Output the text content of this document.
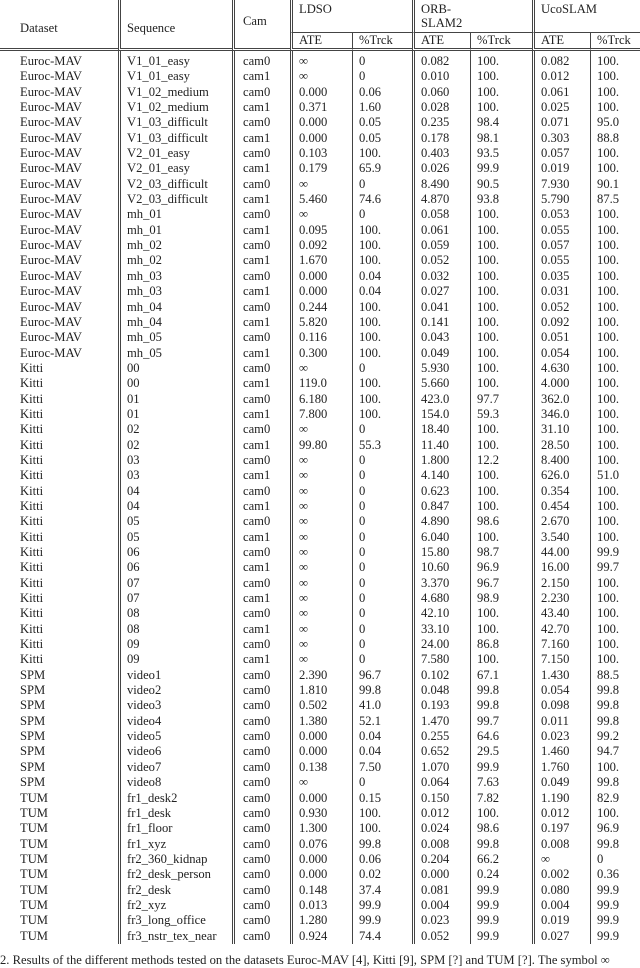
Dataset	Sequence	Cam	LDSO		ORB-
SLAM2		UcoSLAM	
			ATE	%Trck	ATE	%Trck	ATE	%Trck
Euroc-MAV	V1_01_easy	cam0	∞	0	0.082	100.	0.082	100.
Euroc-MAV	V1_01_easy	cam1	∞	0	0.010	100.	0.012	100.
Euroc-MAV	V1_02_medium	cam0	0.000	0.06	0.060	100.	0.061	100.
Euroc-MAV	V1_02_medium	cam1	0.371	1.60	0.028	100.	0.025	100.
Euroc-MAV	V1_03_difficult	cam0	0.000	0.05	0.235	98.4	0.071	95.0
Euroc-MAV	V1_03_difficult	cam1	0.000	0.05	0.178	98.1	0.303	88.8
Euroc-MAV	V2_01_easy	cam0	0.103	100.	0.403	93.5	0.057	100.
Euroc-MAV	V2_01_easy	cam1	0.179	65.9	0.026	99.9	0.019	100.
Euroc-MAV	V2_03_difficult	cam0	∞	0	8.490	90.5	7.930	90.1
Euroc-MAV	V2_03_difficult	cam1	5.460	74.6	4.870	93.8	5.790	87.5
Euroc-MAV	mh_01	cam0	∞	0	0.058	100.	0.053	100.
Euroc-MAV	mh_01	cam1	0.095	100.	0.061	100.	0.055	100.
Euroc-MAV	mh_02	cam0	0.092	100.	0.059	100.	0.057	100.
Euroc-MAV	mh_02	cam1	1.670	100.	0.052	100.	0.055	100.
Euroc-MAV	mh_03	cam0	0.000	0.04	0.032	100.	0.035	100.
Euroc-MAV	mh_03	cam1	0.000	0.04	0.027	100.	0.031	100.
Euroc-MAV	mh_04	cam0	0.244	100.	0.041	100.	0.052	100.
Euroc-MAV	mh_04	cam1	5.820	100.	0.141	100.	0.092	100.
Euroc-MAV	mh_05	cam0	0.116	100.	0.043	100.	0.051	100.
Euroc-MAV	mh_05	cam1	0.300	100.	0.049	100.	0.054	100.
Kitti	00	cam0	∞	0	5.930	100.	4.630	100.
Kitti	00	cam1	119.0	100.	5.660	100.	4.000	100.
Kitti	01	cam0	6.180	100.	423.0	97.7	362.0	100.
Kitti	01	cam1	7.800	100.	154.0	59.3	346.0	100.
Kitti	02	cam0	∞	0	18.40	100.	31.10	100.
Kitti	02	cam1	99.80	55.3	11.40	100.	28.50	100.
Kitti	03	cam0	∞	0	1.800	12.2	8.400	100.
Kitti	03	cam1	∞	0	4.140	100.	626.0	51.0
Kitti	04	cam0	∞	0	0.623	100.	0.354	100.
Kitti	04	cam1	∞	0	0.847	100.	0.454	100.
Kitti	05	cam0	∞	0	4.890	98.6	2.670	100.
Kitti	05	cam1	∞	0	6.040	100.	3.540	100.
Kitti	06	cam0	∞	0	15.80	98.7	44.00	99.9
Kitti	06	cam1	∞	0	10.60	96.9	16.00	99.7
Kitti	07	cam0	∞	0	3.370	96.7	2.150	100.
Kitti	07	cam1	∞	0	4.680	98.9	2.230	100.
Kitti	08	cam0	∞	0	42.10	100.	43.40	100.
Kitti	08	cam1	∞	0	33.10	100.	42.70	100.
Kitti	09	cam0	∞	0	24.00	86.8	7.160	100.
Kitti	09	cam1	∞	0	7.580	100.	7.150	100.
SPM	video1	cam0	2.390	96.7	0.102	67.1	1.430	88.5
SPM	video2	cam0	1.810	99.8	0.048	99.8	0.054	99.8
SPM	video3	cam0	0.502	41.0	0.193	99.8	0.098	99.8
SPM	video4	cam0	1.380	52.1	1.470	99.7	0.011	99.8
SPM	video5	cam0	0.000	0.04	0.255	64.6	0.023	99.2
SPM	video6	cam0	0.000	0.04	0.652	29.5	1.460	94.7
SPM	video7	cam0	0.138	7.50	1.070	99.9	1.760	100.
SPM	video8	cam0	∞	0	0.064	7.63	0.049	99.8
TUM	fr1_desk2	cam0	0.000	0.15	0.150	7.82	1.190	82.9
TUM	fr1_desk	cam0	0.930	100.	0.012	100.	0.012	100.
TUM	fr1_floor	cam0	1.300	100.	0.024	98.6	0.197	96.9
TUM	fr1_xyz	cam0	0.076	99.8	0.008	99.8	0.008	99.8
TUM	fr2_360_kidnap	cam0	0.000	0.06	0.204	66.2	∞	0
TUM	fr2_desk_person	cam0	0.000	0.02	0.000	0.24	0.002	0.36
TUM	fr2_desk	cam0	0.148	37.4	0.081	99.9	0.080	99.9
TUM	fr2_xyz	cam0	0.013	99.9	0.004	99.9	0.004	99.9
TUM	fr3_long_office	cam0	1.280	99.9	0.023	99.9	0.019	99.9
TUM	fr3_nstr_tex_near	cam0	0.924	74.4	0.052	99.9	0.027	99.9
2. Results of the different methods tested on the datasets Euroc-MAV [4], Kitti [9], SPM [?] and TUM [?]. The symbol ∞
